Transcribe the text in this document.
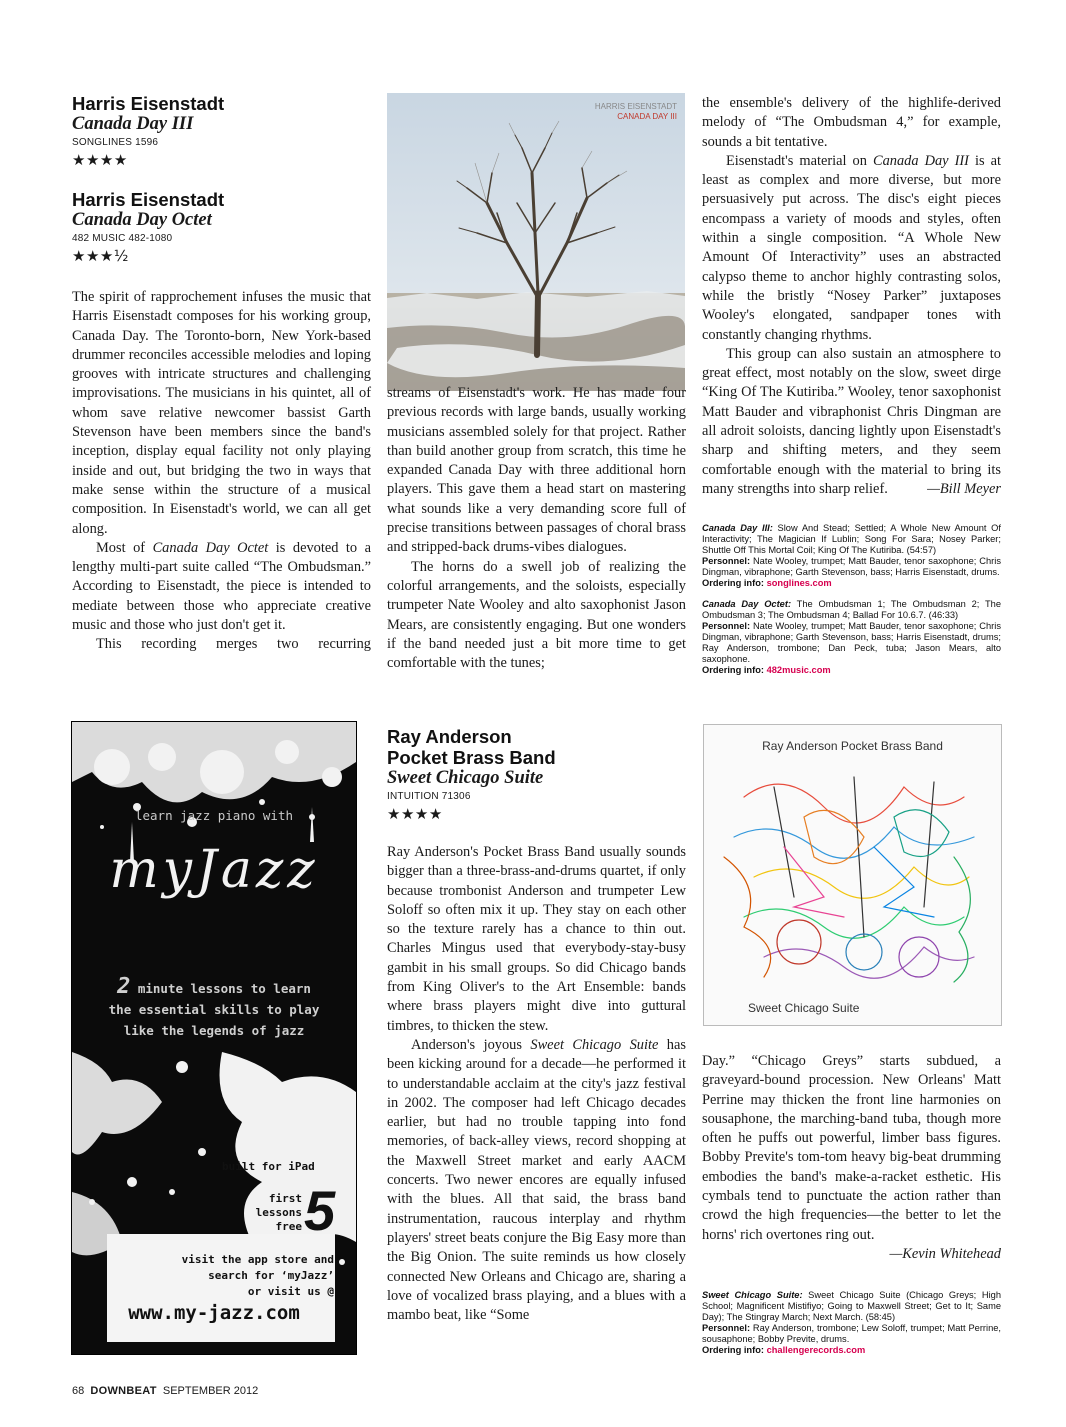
Harris Eisenstadt
Canada Day III
SONGLINES 1596
★★★★
Harris Eisenstadt
Canada Day Octet
482 MUSIC 482-1080
★★★½

The spirit of rapprochement infuses the music that Harris Eisenstadt composes for his working group, Canada Day. The Toronto-born, New York-based drummer reconciles accessible melodies and loping grooves with intricate structures and challenging improvisations. The musicians in his quintet, all of whom save relative newcomer bassist Garth Stevenson have been members since the band's inception, display equal facility not only playing inside and out, but bridging the two in ways that make sense within the structure of a musical composition. In Eisenstadt's world, we can all get along.

Most of Canada Day Octet is devoted to a lengthy multi-part suite called “The Ombudsman.” According to Eisenstadt, the piece is intended to mediate between those who appreciate creative music and those who just don't get it.

This recording merges two recurring

HARRIS EISENSTADT
CANADA DAY III

streams of Eisenstadt's work. He has made four previous records with large bands, usually working musicians assembled solely for that project. Rather than build another group from scratch, this time he expanded Canada Day with three additional horn players. This gave them a head start on mastering what sounds like a very demanding score full of precise transitions between passages of choral brass and stripped-back drums-vibes dialogues.

The horns do a swell job of realizing the colorful arrangements, and the soloists, especially trumpeter Nate Wooley and alto saxophonist Jason Mears, are consistently engaging. But one wonders if the band needed just a bit more time to get comfortable with the tunes;

the ensemble's delivery of the highlife-derived melody of “The Ombudsman 4,” for example, sounds a bit tentative.

Eisenstadt's material on Canada Day III is at least as complex and more diverse, but more persuasively put across. The disc's eight pieces encompass a variety of moods and styles, often within a single composition. “A Whole New Amount Of Interactivity” uses an abstracted calypso theme to anchor highly contrasting solos, while the bristly “Nosey Parker” juxtaposes Wooley's elongated, sandpaper tones with constantly changing rhythms.

This group can also sustain an atmosphere to great effect, most notably on the slow, sweet dirge “King Of The Kutiriba.” Wooley, tenor saxophonist Matt Bauder and vibraphonist Chris Dingman are all adroit soloists, dancing lightly upon Eisenstadt's sharp and shifting meters, and they seem comfortable enough with the material to bring its many strengths into sharp relief.	—Bill Meyer

Canada Day III: Slow And Stead; Settled; A Whole New Amount Of Interactivity; The Magician If Lublin; Song For Sara; Nosey Parker; Shuttle Off This Mortal Coil; King Of The Kutiriba. (54:57)
Personnel: Nate Wooley, trumpet; Matt Bauder, tenor saxophone; Chris Dingman, vibraphone; Garth Stevenson, bass; Harris Eisenstadt, drums.
Ordering info: songlines.com

Canada Day Octet: The Ombudsman 1; The Ombudsman 2; The Ombudsman 3; The Ombudsman 4; Ballad For 10.6.7. (46:33)
Personnel: Nate Wooley, trumpet; Matt Bauder, tenor saxophone; Chris Dingman, vibraphone; Garth Stevenson, bass; Harris Eisenstadt, drums; Ray Anderson, trombone; Dan Peck, tuba; Jason Mears, alto saxophone.
Ordering info: 482music.com

learn jazz piano with
myJazz
2 minute lessons to learn
the essential skills to play
like the legends of jazz
built for iPad
first
lessons
free 5
visit the app store and
search for ‘myJazz’
or visit us @
www.my-jazz.com
Ray Anderson
Pocket Brass Band
Sweet Chicago Suite
INTUITION 71306
★★★★

Ray Anderson's Pocket Brass Band usually sounds bigger than a three-brass-and-drums quartet, if only because trombonist Anderson and trumpeter Lew Soloff so often mix it up. They stay on each other so the texture rarely has a chance to thin out. Charles Mingus used that everybody-stay-busy gambit in his small groups. So did Chicago bands from King Oliver's to the Art Ensemble: bands where brass players might dive into guttural timbres, to thicken the stew.

Anderson's joyous Sweet Chicago Suite has been kicking around for a decade—he performed it to understandable acclaim at the city's jazz festival in 2002. The composer had left Chicago decades earlier, but had no trouble tapping into fond memories, of back-alley views, record shopping at the Maxwell Street market and early AACM concerts. Two newer encores are equally infused with the blues. All that said, the brass band instrumentation, raucous interplay and rhythm players' street beats conjure the Big Easy more than the Big Onion. The suite reminds us how closely connected New Orleans and Chicago are, sharing a love of vocalized brass playing, and a blues with a mambo beat, like “Some

Ray Anderson Pocket Brass Band
Sweet Chicago Suite

Day.” “Chicago Greys” starts subdued, a graveyard-bound procession. New Orleans' Matt Perrine may thicken the front line harmonies on sousaphone, the marching-band tuba, though more often he puffs out powerful, limber bass figures. Bobby Previte's tom-tom heavy big-beat drumming embodies the band's make-a-racket esthetic. His cymbals tend to punctuate the action rather than crowd the high frequencies—the better to let the horns' rich overtones ring out.

—Kevin Whitehead

Sweet Chicago Suite: Sweet Chicago Suite (Chicago Greys; High School; Magnificent Mistifiyo; Going to Maxwell Street; Get to It; Same Day); The Stingray March; Next March. (58:45)
Personnel: Ray Anderson, trombone; Lew Soloff, trumpet; Matt Perrine, sousaphone; Bobby Previte, drums.
Ordering info: challengerecords.com

68 DOWNBEAT SEPTEMBER 2012
